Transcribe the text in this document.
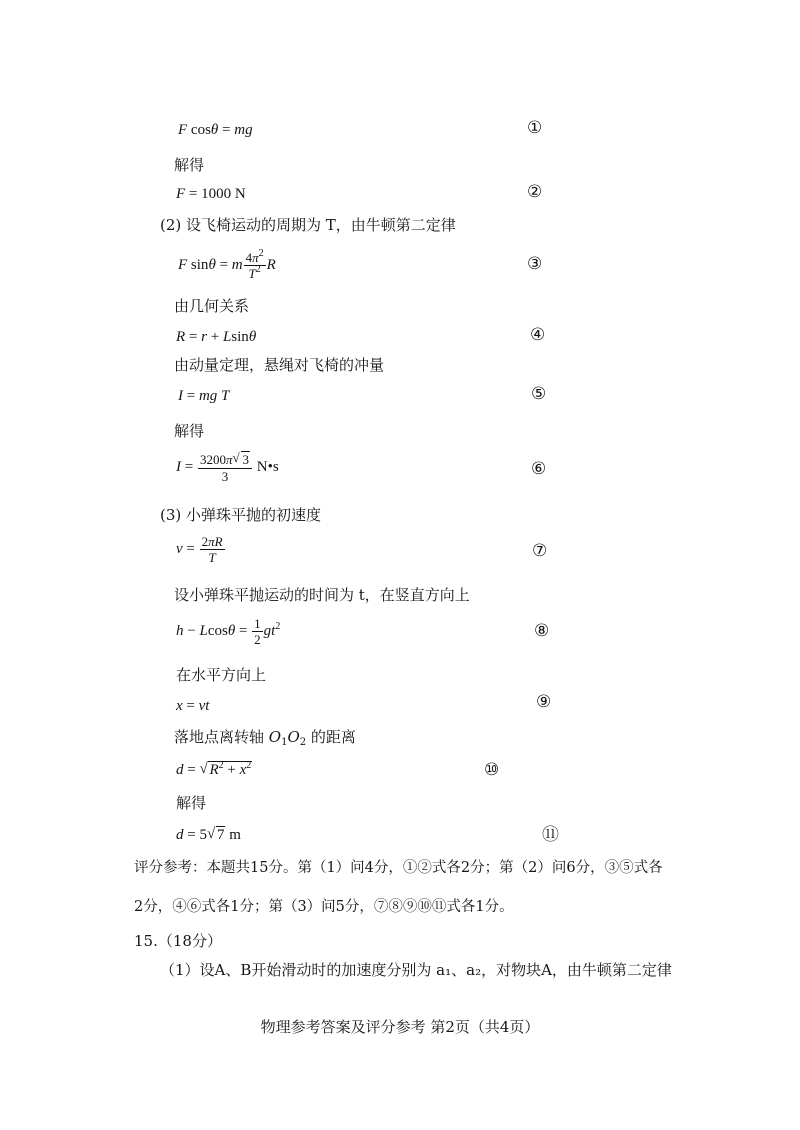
F cosθ = mg	①
解得
F = 1000 N	②
(2) 设飞椅运动的周期为 T，由牛顿第二定律
F sinθ = m $\frac{4\pi^2}{T^2}$ R	③
由几何关系
R = r + Lsinθ	④
由动量定理，悬绳对飞椅的冲量
I = mg T	⑤
解得
$I = \frac{3200\pi √ 3}{3}$ N•s	⑥
(3) 小弹珠平抛的初速度
$v = \frac{2\pi R}{T}$	⑦
设小弹珠平抛运动的时间为 t，在竖直方向上
$h - Lcos\theta = \frac{1}{2} gt^2$	⑧
在水平方向上
x = vt	⑨
落地点离转轴 $O_1O_2$ 的距离
d = √ $R^2 + x^2$	⑩
解得
d = 5 √ 7 m	⑪
评分参考：本题共15分。第（1）问4分，①②式各2分；第（2）问6分，③⑤式各
2分，④⑥式各1分；第（3）问5分，⑦⑧⑨⑩⑪式各1分。
15.（18分）
（1）设A、B开始滑动时的加速度分别为 a₁、a₂，对物块A，由牛顿第二定律
物理参考答案及评分参考 第2页（共4页）
